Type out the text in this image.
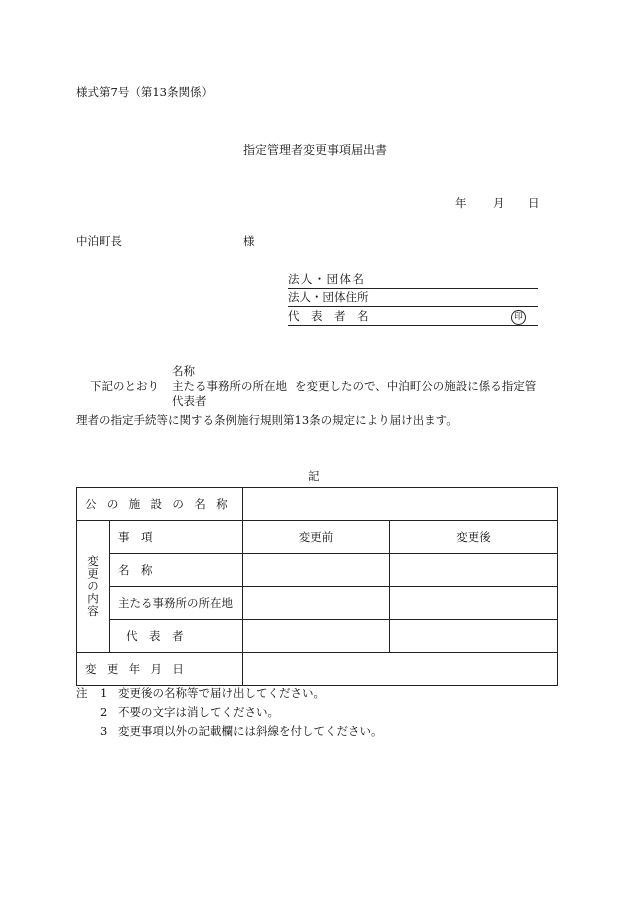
様式第7号（第13条関係）
指定管理者変更事項届出書
年 月 日
中泊町長	様
法人・団体名
法人・団体住所
代　表　者　名	印
名称
下記のとおり 主たる事務所の所在地 を変更したので、中泊町公の施設に係る指定管
代表者
理者の指定手続等に関する条例施行規則第13条の規定により届け出ます。
記
公の施設の名称			

変更の内容	事　項	変更前	変更後
	名　称		
	主たる事務所の所在地		
	代　表　者		
変更年月日			
注 1 変更後の名称等で届け出してください。
2 不要の文字は消してください。
3 変更事項以外の記載欄には斜線を付してください。
